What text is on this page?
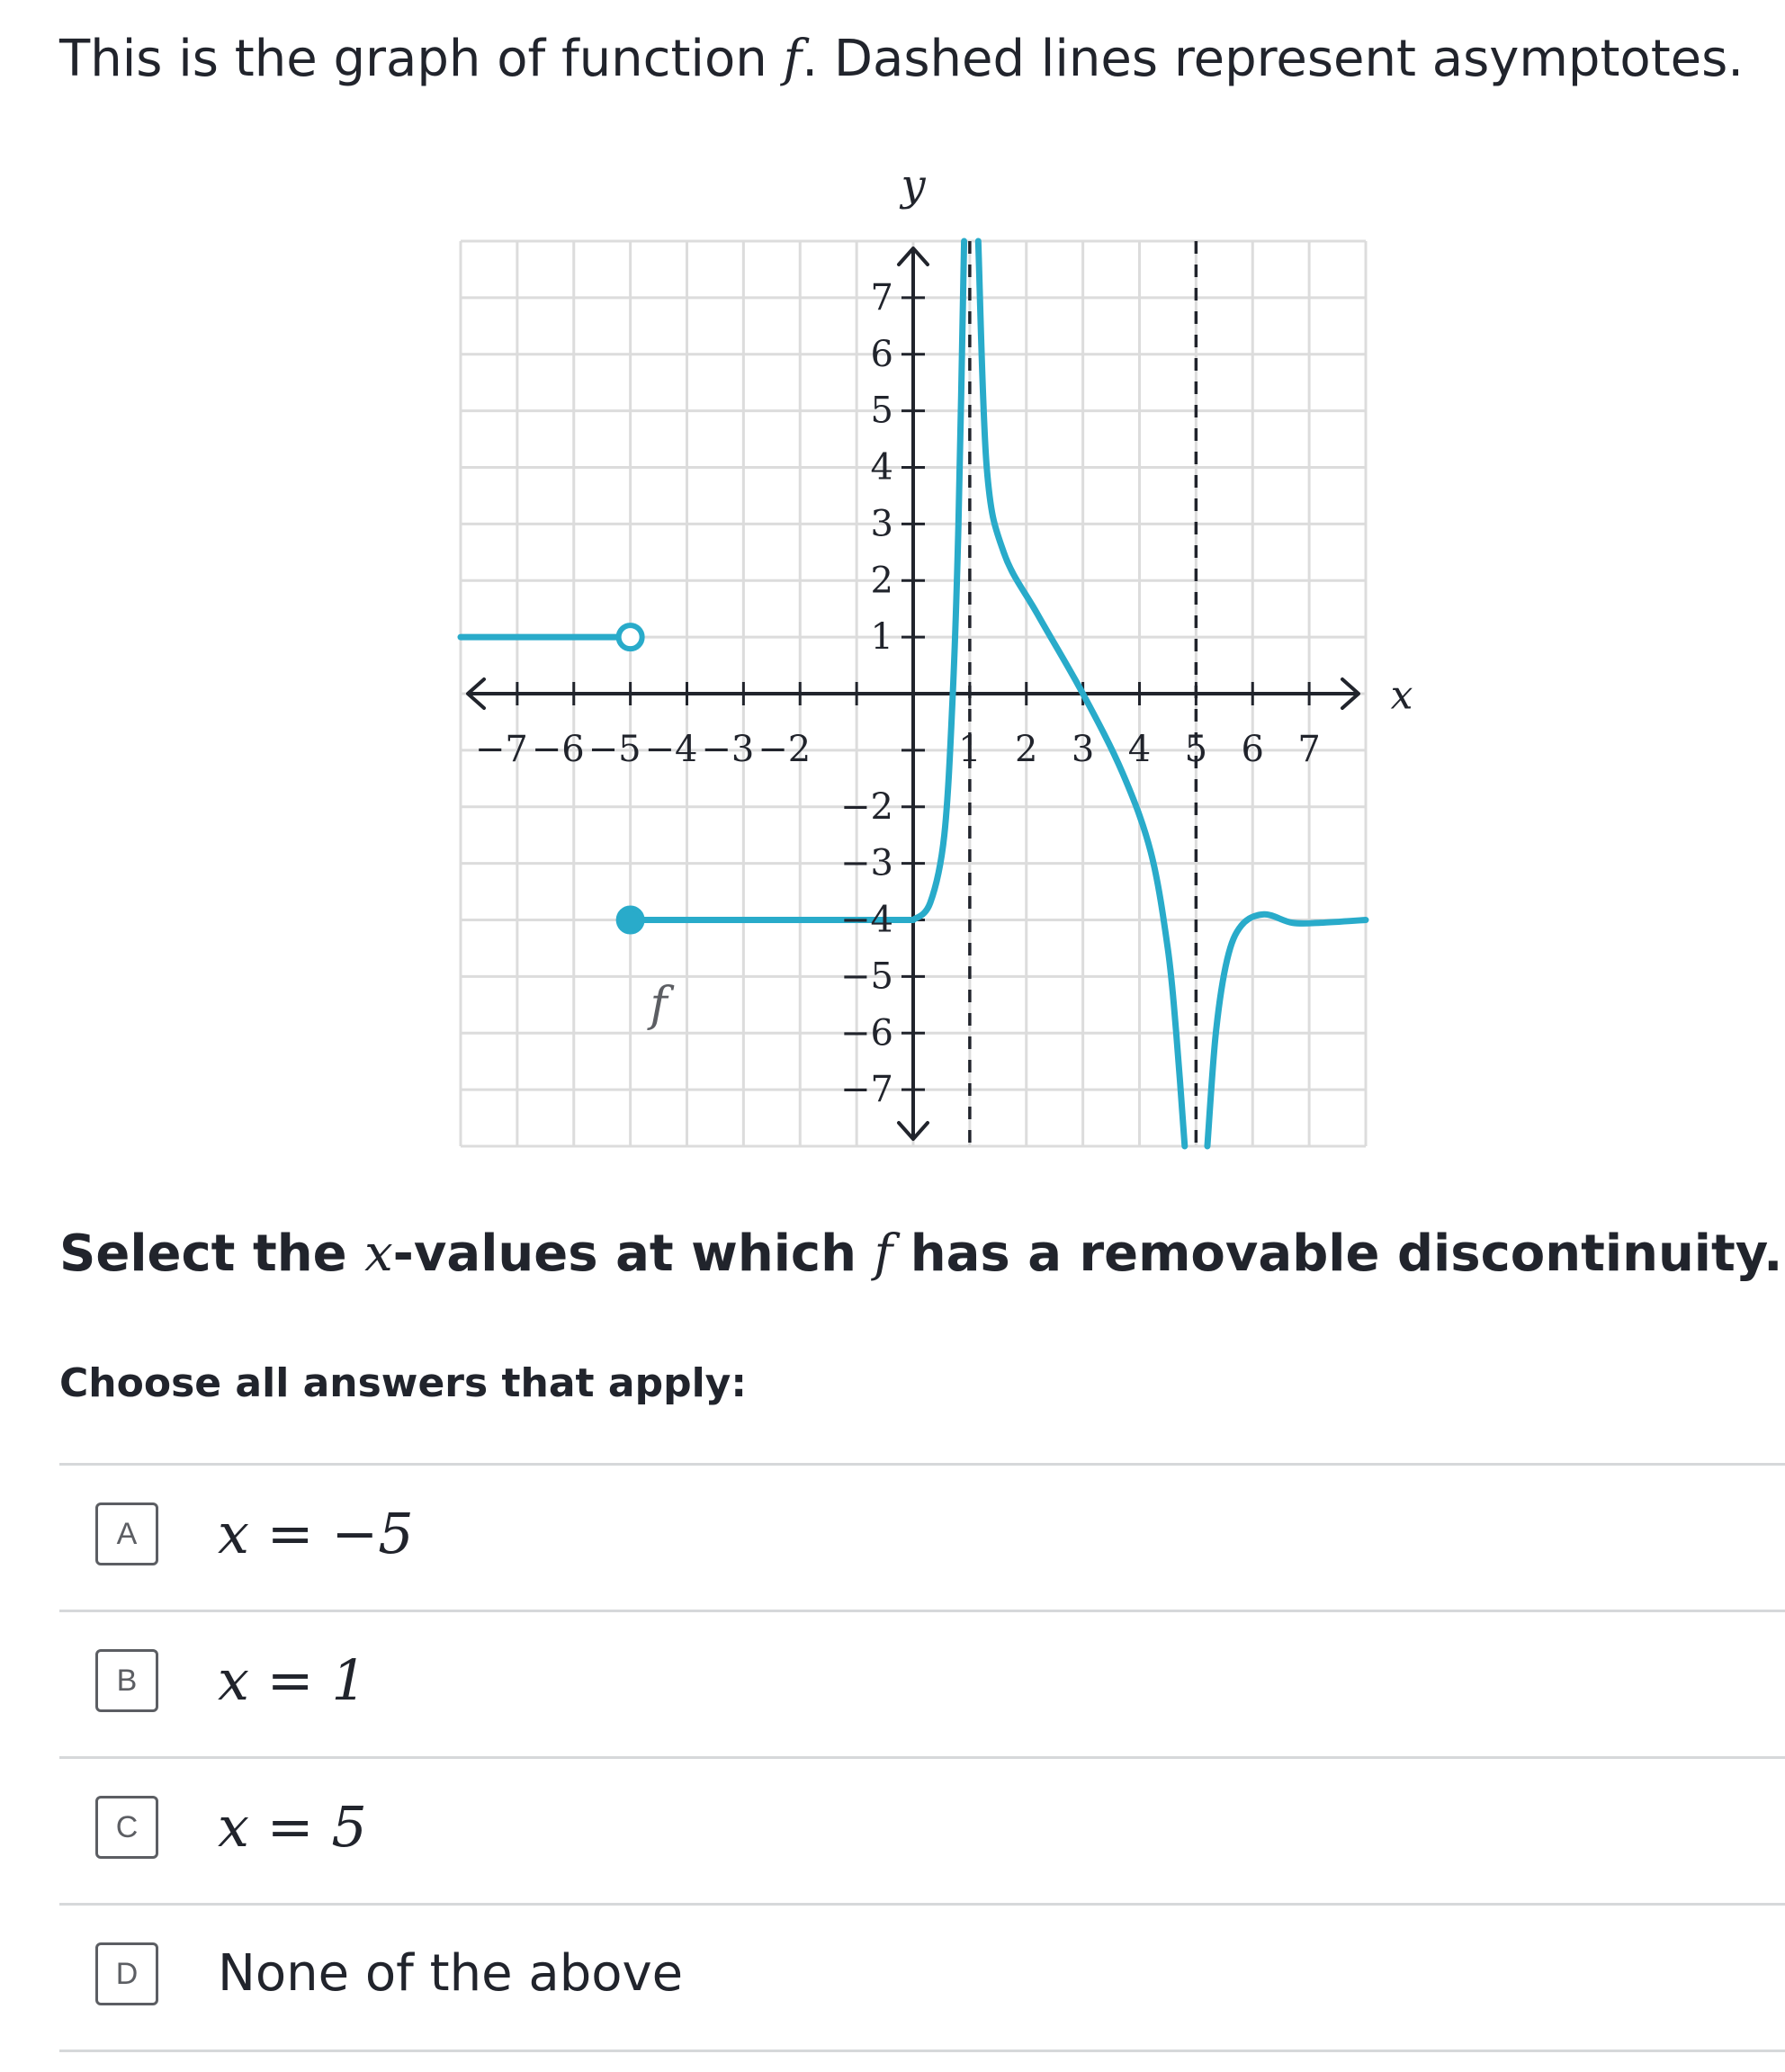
This is the graph of function f. Dashed lines represent asymptotes.
−7 −6 −5 −4 −3 −2	1 2 3 4 5 6 7
7
6
5
4
3
2
1
−2
−3
−4
−5
−6
−7
x
y
f

Select the x-values at which f has a removable discontinuity.

Choose all answers that apply:

A	x = −5
B	x = 1
C	x = 5
D	None of the above
